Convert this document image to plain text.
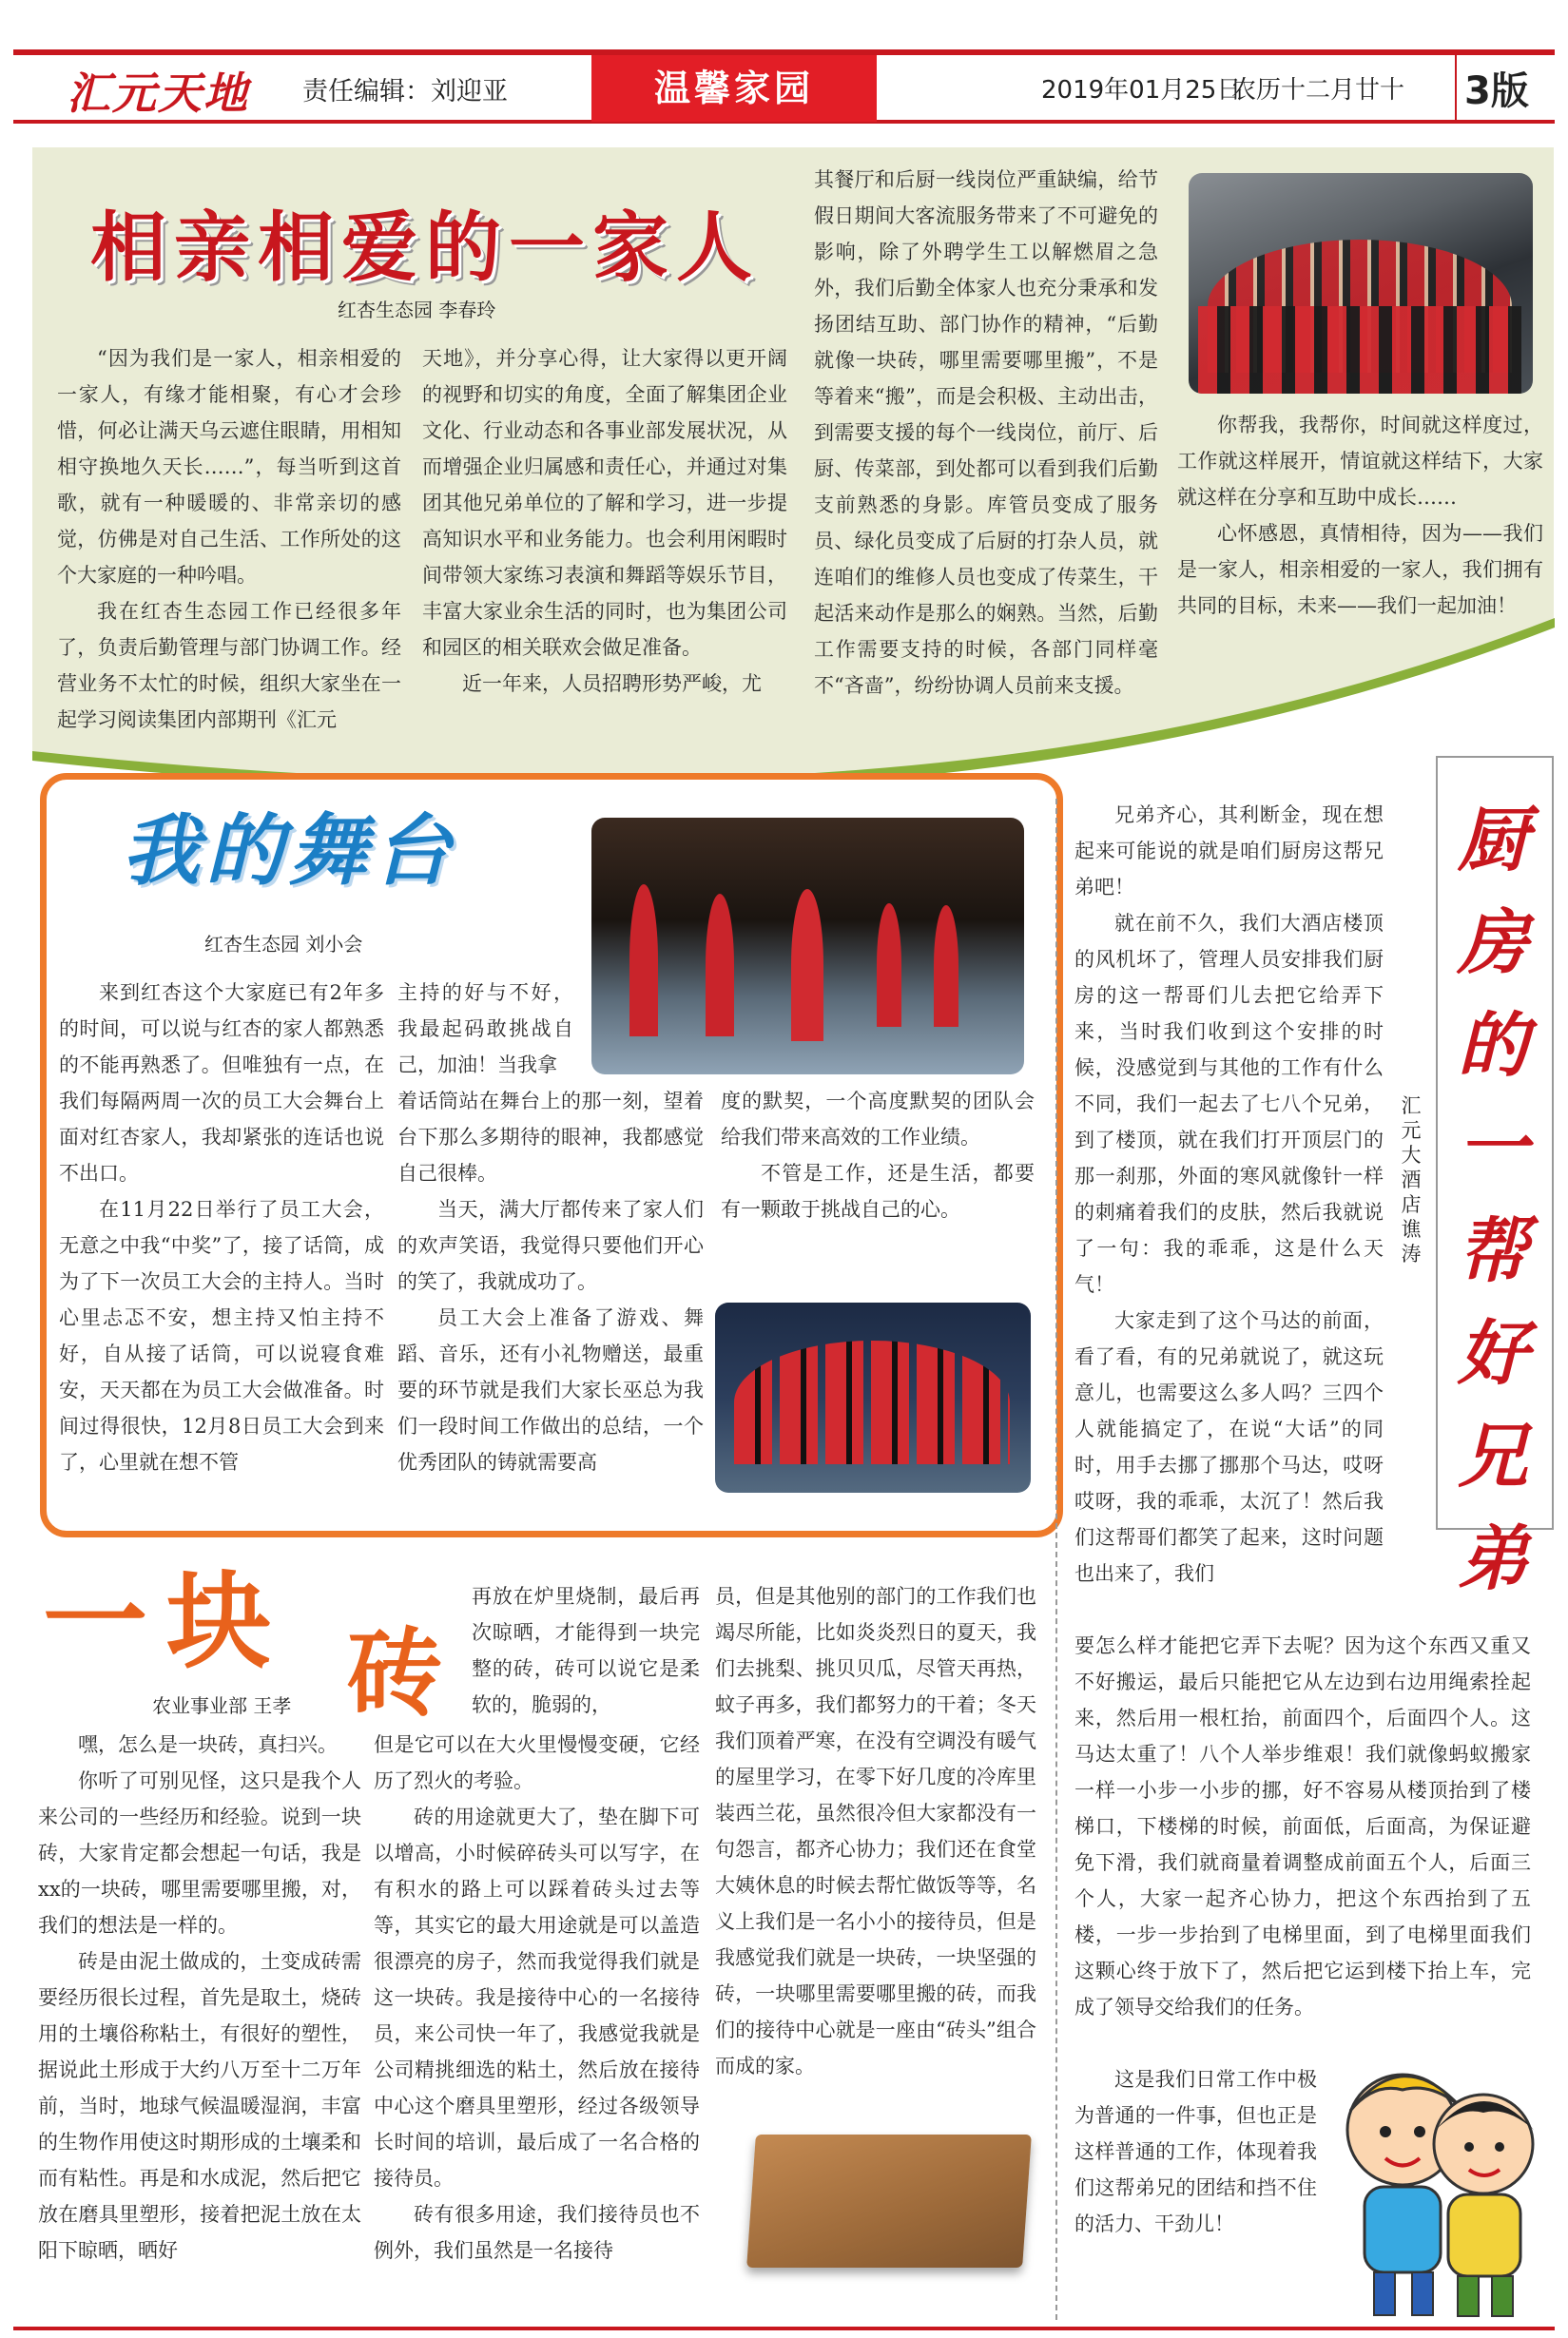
汇元天地 责任编辑：刘迎亚	温馨家园	2019年01月25日
农历十二月廿十 3版
相亲相爱的一家人
红杏生态园 李春玲

“因为我们是一家人，相亲相爱的一家人，有缘才能相聚，有心才会珍惜，何必让满天乌云遮住眼睛，用相知相守换地久天长……”，每当听到这首歌，就有一种暖暖的、非常亲切的感觉，仿佛是对自己生活、工作所处的这个大家庭的一种吟唱。

我在红杏生态园工作已经很多年了，负责后勤管理与部门协调工作。经营业务不太忙的时候，组织大家坐在一起学习阅读集团内部期刊《汇元

天地》，并分享心得，让大家得以更开阔的视野和切实的角度，全面了解集团企业文化、行业动态和各事业部发展状况，从而增强企业归属感和责任心，并通过对集团其他兄弟单位的了解和学习，进一步提高知识水平和业务能力。也会利用闲暇时间带领大家练习表演和舞蹈等娱乐节目，丰富大家业余生活的同时，也为集团公司和园区的相关联欢会做足准备。

近一年来，人员招聘形势严峻，尤

其餐厅和后厨一线岗位严重缺编，给节假日期间大客流服务带来了不可避免的影响，除了外聘学生工以解燃眉之急外，我们后勤全体家人也充分秉承和发扬团结互助、部门协作的精神，“后勤就像一块砖，哪里需要哪里搬”，不是等着来“搬”，而是会积极、主动出击，到需要支援的每个一线岗位，前厅、后厨、传菜部，到处都可以看到我们后勤支前熟悉的身影。库管员变成了服务员、绿化员变成了后厨的打杂人员，就连咱们的维修人员也变成了传菜生，干起活来动作是那么的娴熟。当然，后勤工作需要支持的时候，各部门同样毫不“吝啬”，纷纷协调人员前来支援。

你帮我，我帮你，时间就这样度过，工作就这样展开，情谊就这样结下，大家就这样在分享和互助中成长……

心怀感恩，真情相待，因为——我们是一家人，相亲相爱的一家人，我们拥有共同的目标，未来——我们一起加油！

我的舞台
红杏生态园 刘小会

来到红杏这个大家庭已有2年多的时间，可以说与红杏的家人都熟悉的不能再熟悉了。但唯独有一点，在我们每隔两周一次的员工大会舞台上面对红杏家人，我却紧张的连话也说不出口。

在11月22日举行了员工大会，无意之中我“中奖”了，接了话筒，成为了下一次员工大会的主持人。当时心里忐忑不安，想主持又怕主持不好，自从接了话筒，可以说寝食难安，天天都在为员工大会做准备。时间过得很快，12月8日员工大会到来了，心里就在想不管

主持的好与不好，我最起码敢挑战自己，加油！当我拿

着话筒站在舞台上的那一刻，望着台下那么多期待的眼神，我都感觉自己很棒。

当天，满大厅都传来了家人们的欢声笑语，我觉得只要他们开心的笑了，我就成功了。

员工大会上准备了游戏、舞蹈、音乐，还有小礼物赠送，最重要的环节就是我们大家长巫总为我们一段时间工作做出的总结，一个优秀团队的铸就需要高

度的默契，一个高度默契的团队会给我们带来高效的工作业绩。

不管是工作，还是生活，都要有一颗敢于挑战自己的心。

一块 砖
农业事业部 王孝

嘿，怎么是一块砖，真扫兴。

你听了可别见怪，这只是我个人来公司的一些经历和经验。说到一块砖，大家肯定都会想起一句话，我是xx的一块砖，哪里需要哪里搬，对，我们的想法是一样的。

砖是由泥土做成的，土变成砖需要经历很长过程，首先是取土，烧砖用的土壤俗称粘土，有很好的塑性，据说此土形成于大约八万至十二万年前，当时，地球气候温暖湿润，丰富的生物作用使这时期形成的土壤柔和而有粘性。再是和水成泥，然后把它放在磨具里塑形，接着把泥土放在太阳下晾晒，晒好

再放在炉里烧制，最后再次晾晒，才能得到一块完整的砖，砖可以说它是柔软的，脆弱的，

但是它可以在大火里慢慢变硬，它经历了烈火的考验。

砖的用途就更大了，垫在脚下可以增高，小时候碎砖头可以写字，在有积水的路上可以踩着砖头过去等等，其实它的最大用途就是可以盖造很漂亮的房子，然而我觉得我们就是这一块砖。我是接待中心的一名接待员，来公司快一年了，我感觉我就是公司精挑细选的粘土，然后放在接待中心这个磨具里塑形，经过各级领导长时间的培训，最后成了一名合格的接待员。

砖有很多用途，我们接待员也不例外，我们虽然是一名接待

员，但是其他别的部门的工作我们也竭尽所能，比如炎炎烈日的夏天，我们去挑梨、挑贝贝瓜，尽管天再热，蚊子再多，我们都努力的干着；冬天我们顶着严寒，在没有空调没有暖气的屋里学习，在零下好几度的冷库里装西兰花，虽然很冷但大家都没有一句怨言，都齐心协力；我们还在食堂大姨休息的时候去帮忙做饭等等，名义上我们是一名小小的接待员，但是我感觉我们就是一块砖，一块坚强的砖，一块哪里需要哪里搬的砖，而我们的接待中心就是一座由“砖头”组合而成的家。

厨房的一帮好兄弟
汇元大酒店 谯涛

兄弟齐心，其利断金，现在想起来可能说的就是咱们厨房这帮兄弟吧！

就在前不久，我们大酒店楼顶的风机坏了，管理人员安排我们厨房的这一帮哥们儿去把它给弄下来，当时我们收到这个安排的时候，没感觉到与其他的工作有什么不同，我们一起去了七八个兄弟，到了楼顶，就在我们打开顶层门的那一刹那，外面的寒风就像针一样的刺痛着我们的皮肤，然后我就说了一句：我的乖乖，这是什么天气！

大家走到了这个马达的前面，看了看，有的兄弟就说了，就这玩意儿，也需要这么多人吗？三四个人就能搞定了，在说“大话”的同时，用手去挪了挪那个马达，哎呀哎呀，我的乖乖，太沉了！然后我们这帮哥们都笑了起来，这时问题也出来了，我们

要怎么样才能把它弄下去呢？因为这个东西又重又不好搬运，最后只能把它从左边到右边用绳索拴起来，然后用一根杠抬，前面四个，后面四个人。这马达太重了！八个人举步维艰！我们就像蚂蚁搬家一样一小步一小步的挪，好不容易从楼顶抬到了楼梯口，下楼梯的时候，前面低，后面高，为保证避免下滑，我们就商量着调整成前面五个人，后面三个人，大家一起齐心协力，把这个东西抬到了五楼，一步一步抬到了电梯里面，到了电梯里面我们这颗心终于放下了，然后把它运到楼下抬上车，完成了领导交给我们的任务。

这是我们日常工作中极为普通的一件事，但也正是这样普通的工作，体现着我们这帮弟兄的团结和挡不住的活力、干劲儿！
